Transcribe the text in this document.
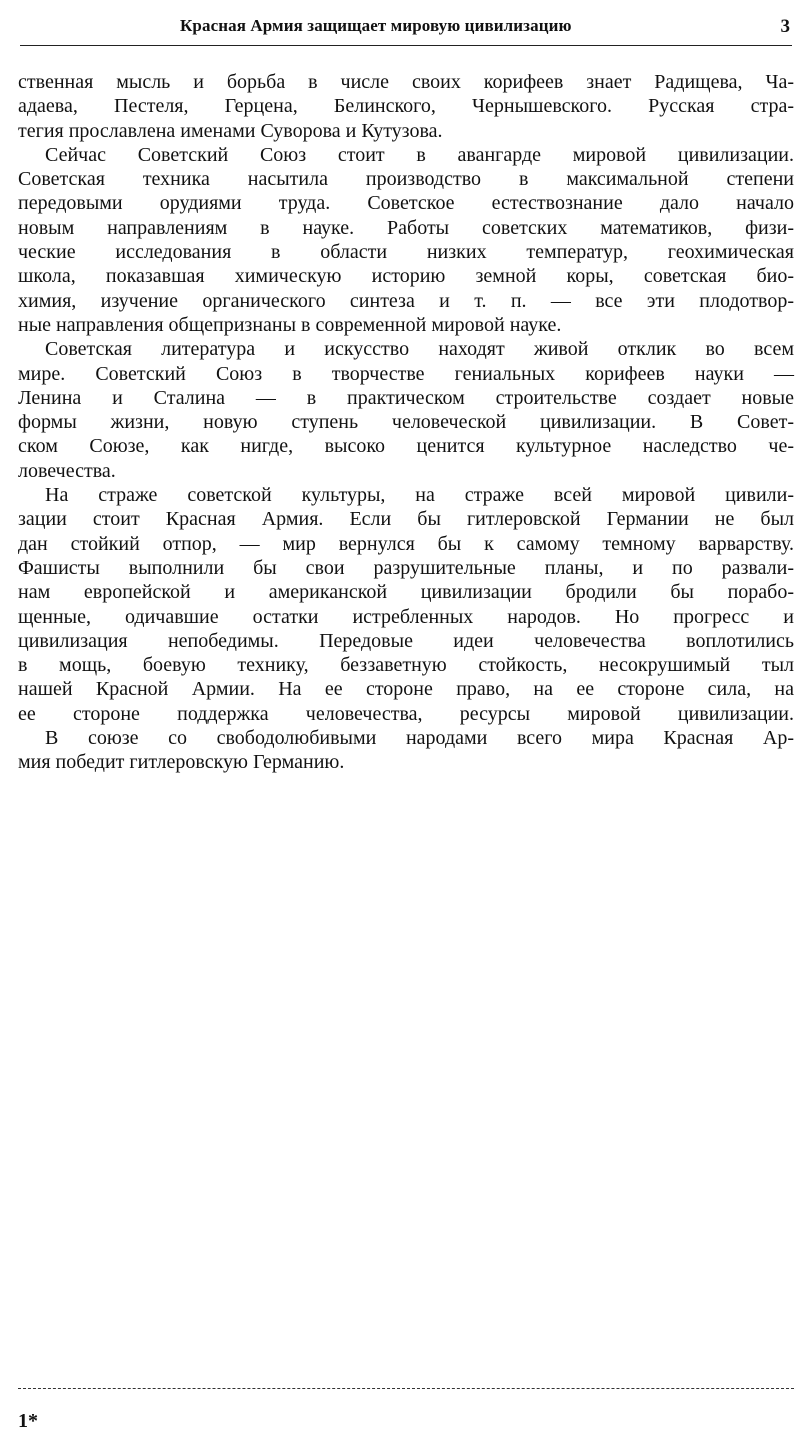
Красная Армия защищает мировую цивилизацию	3
ственная мысль и борьба в числе своих корифеев знает Радищева, Ча-
адаева, Пестеля, Герцена, Белинского, Чернышевского. Русская стра-
тегия прославлена именами Суворова и Кутузова.
Сейчас Советский Союз стоит в авангарде мировой цивилизации.
Советская техника насытила производство в максимальной степени
передовыми орудиями труда. Советское естествознание дало начало
новым направлениям в науке. Работы советских математиков, физи-
ческие исследования в области низких температур, геохимическая
школа, показавшая химическую историю земной коры, советская био-
химия, изучение органического синтеза и т. п. — все эти плодотвор-
ные направления общепризнаны в современной мировой науке.
Советская литература и искусство находят живой отклик во всем
мире. Советский Союз в творчестве гениальных корифеев науки —
Ленина и Сталина — в практическом строительстве создает новые
формы жизни, новую ступень человеческой цивилизации. В Совет-
ском Союзе, как нигде, высоко ценится культурное наследство че-
ловечества.
На страже советской культуры, на страже всей мировой цивили-
зации стоит Красная Армия. Если бы гитлеровской Германии не был
дан стойкий отпор, — мир вернулся бы к самому темному варварству.
Фашисты выполнили бы свои разрушительные планы, и по развали-
нам европейской и американской цивилизации бродили бы порабо-
щенные, одичавшие остатки истребленных народов. Но прогресс и
цивилизация непобедимы. Передовые идеи человечества воплотились
в мощь, боевую технику, беззаветную стойкость, несокрушимый тыл
нашей Красной Армии. На ее стороне право, на ее стороне сила, на
ее стороне поддержка человечества, ресурсы мировой цивилизации.
В союзе со свободолюбивыми народами всего мира Красная Ар-
мия победит гитлеровскую Германию.
1*
